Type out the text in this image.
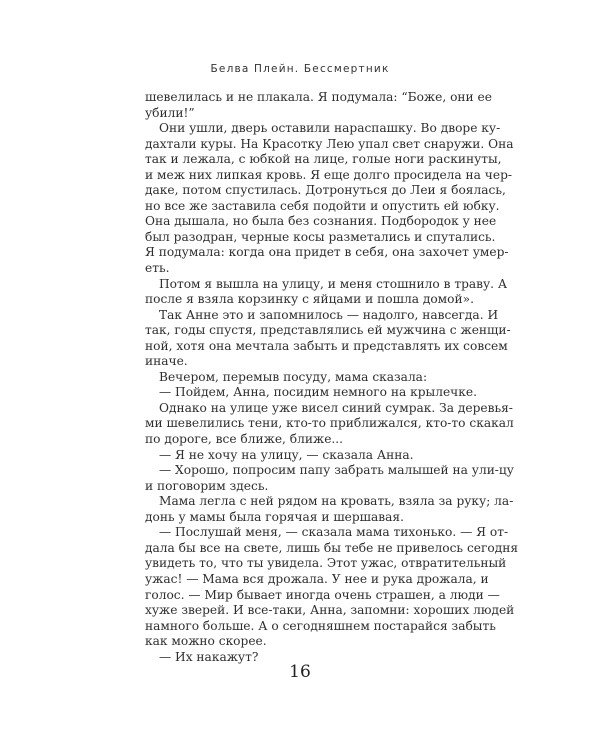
Белва Плейн. Бессмертник
шевелилась и не плакала. Я подумала: “Боже, они ее
убили!”
Они ушли, дверь оставили нараспашку. Во дворе ку-
дахтали куры. На Красотку Лею упал свет снаружи. Она
так и лежала, с юбкой на лице, голые ноги раскинуты,
и меж них липкая кровь. Я еще долго просидела на чер-
даке, потом спустилась. Дотронуться до Леи я боялась,
но все же заставила себя подойти и опустить ей юбку.
Она дышала, но была без сознания. Подбородок у нее
был разодран, черные косы разметались и спутались.
Я подумала: когда она придет в себя, она захочет умер-
еть.
Потом я вышла на улицу, и меня стошнило в траву. А
после я взяла корзинку с яйцами и пошла домой».
Так Анне это и запомнилось — надолго, навсегда. И
так, годы спустя, представлялись ей мужчина с женщи-
ной, хотя она мечтала забыть и представлять их совсем
иначе.
Вечером, перемыв посуду, мама сказала:
— Пойдем, Анна, посидим немного на крылечке.
Однако на улице уже висел синий сумрак. За деревья-
ми шевелились тени, кто-то приближался, кто-то скакал
по дороге, все ближе, ближе...
— Я не хочу на улицу, — сказала Анна.
— Хорошо, попросим папу забрать малышей на ули-цу
и поговорим здесь.
Мама легла с ней рядом на кровать, взяла за руку; ла-
донь у мамы была горячая и шершавая.
— Послушай меня, — сказала мама тихонько. — Я от-
дала бы все на свете, лишь бы тебе не привелось сегодня
увидеть то, что ты увидела. Этот ужас, отвратительный
ужас! — Мама вся дрожала. У нее и рука дрожала, и
голос. — Мир бывает иногда очень страшен, а люди —
хуже зверей. И все-таки, Анна, запомни: хороших людей
намного больше. А о сегодняшнем постарайся забыть
как можно скорее.
— Их накажут?
16
